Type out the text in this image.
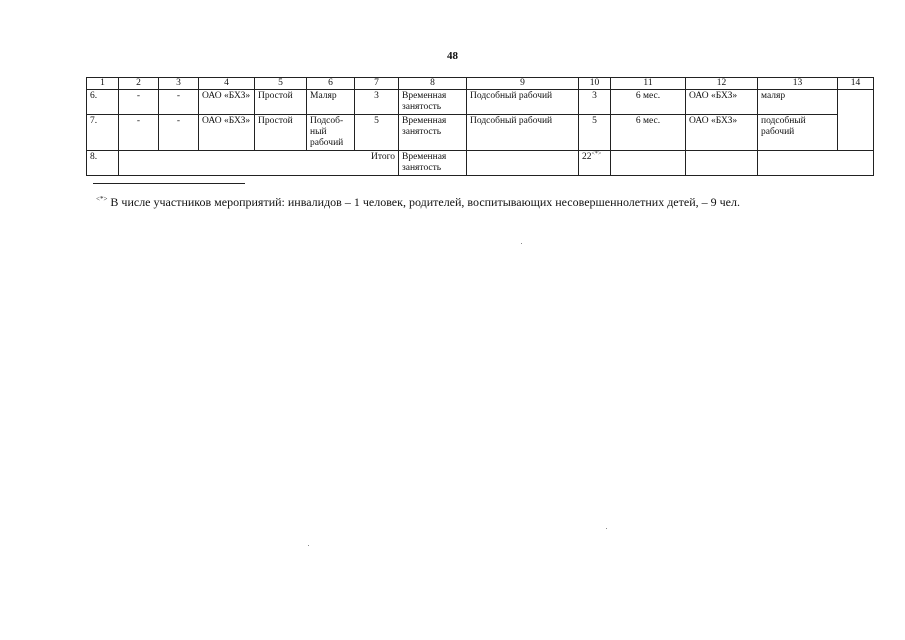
48
1	2	3	4	5	6	7	8	9	10	11	12	13	14
6.	-	-	ОАО «БХЗ»	Простой	Маляр	3	Временная занятость	Подсобный рабочий	3	6 мес.	ОАО «БХЗ»	маляр	
7.	-	-	ОАО «БХЗ»	Простой	Подсоб-ный рабочий	5	Временная занятость	Подсобный рабочий	5	6 мес.	ОАО «БХЗ»	подсобный рабочий	
8.	Итого						Временная занятость		22<*>			
<*> В числе участников мероприятий: инвалидов – 1 человек, родителей, воспитывающих несовершеннолетних детей, – 9 чел.
